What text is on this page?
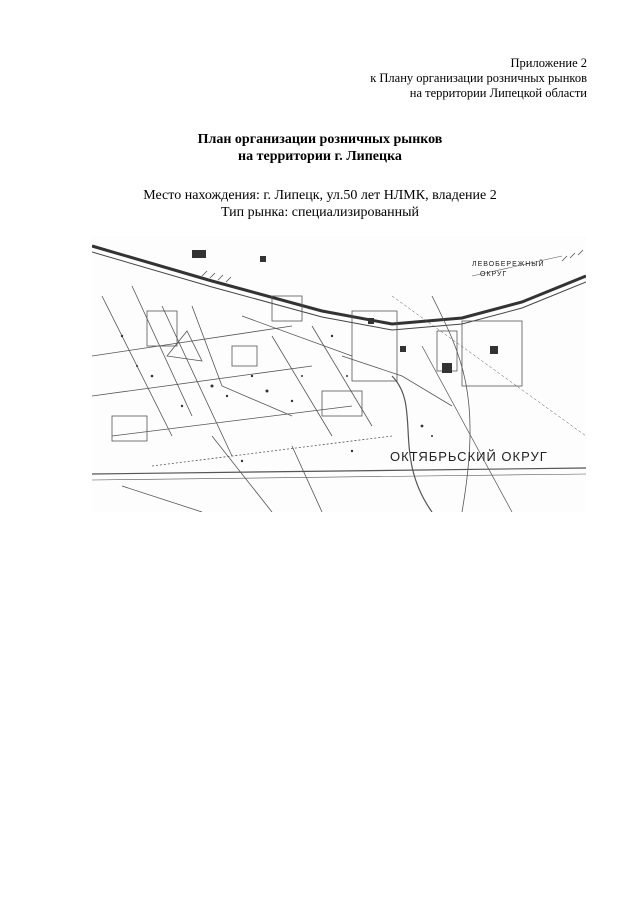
Приложение 2
к Плану организации розничных рынков
на территории Липецкой области
План организации розничных рынков
на территории г. Липецка
Место нахождения: г. Липецк, ул.50 лет НЛМК, владение 2
Тип рынка: специализированный
ОКТЯБРЬСКИЙ ОКРУГ
ЛЕВОБЕРЕЖНЫЙ
ОКРУГ
